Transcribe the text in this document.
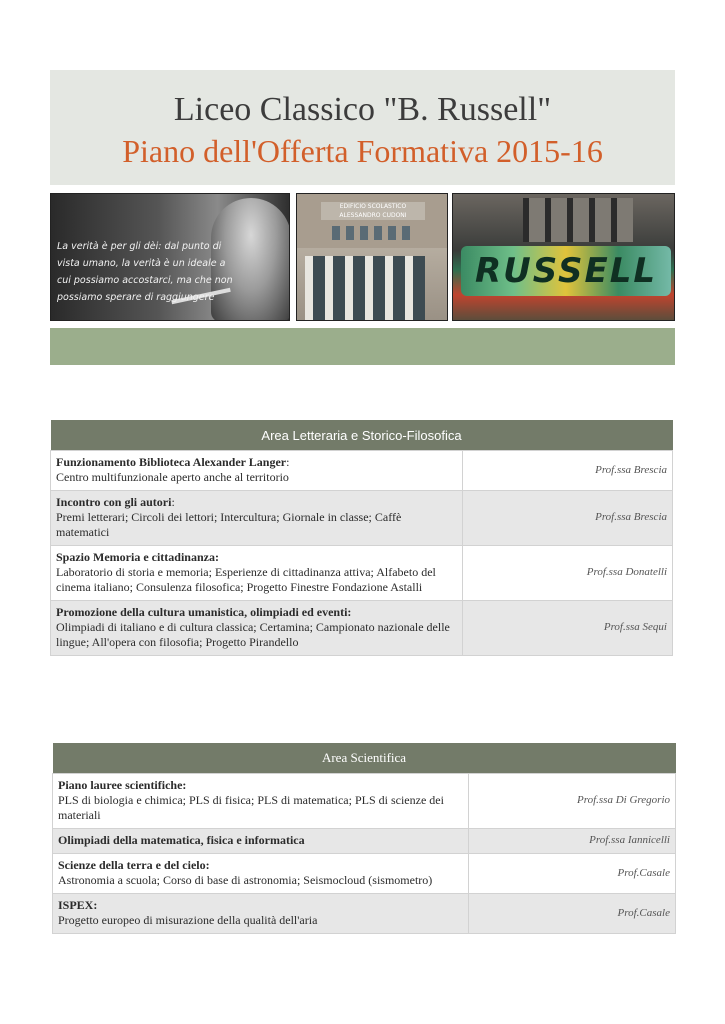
Liceo Classico "B. Russell"
Piano dell'Offerta Formativa 2015-16
La verità è per gli dèi: dal punto di vista umano, la verità è un ideale a cui possiamo accostarci, ma che non possiamo sperare di raggiungere
EDIFICIO SCOLASTICO
ALESSANDRO CUDONI
RUSSELL
Area Letteraria e Storico-Filosofica	
Funzionamento Biblioteca Alexander Langer:
Centro multifunzionale aperto anche al territorio	Prof.ssa Brescia
Incontro con gli autori:
Premi letterari; Circoli dei lettori; Intercultura; Giornale in classe; Caffè matematici	Prof.ssa Brescia
Spazio Memoria e cittadinanza:
Laboratorio di storia e memoria; Esperienze di cittadinanza attiva; Alfabeto del cinema italiano; Consulenza filosofica; Progetto Finestre Fondazione Astalli	Prof.ssa Donatelli
Promozione della cultura umanistica, olimpiadi ed eventi:
Olimpiadi di italiano e di cultura classica; Certamina; Campionato nazionale delle lingue; All'opera con filosofia; Progetto Pirandello	Prof.ssa Sequi
Area Scientifica	

Piano lauree scientifiche:
PLS di biologia e chimica; PLS di fisica; PLS di matematica; PLS di scienze dei materiali	Prof.ssa Di Gregorio

Olimpiadi della matematica, fisica e informatica	Prof.ssa Iannicelli

Scienze della terra e del cielo:
Astronomia a scuola; Corso di base di astronomia; Seismocloud (sismometro)	Prof.Casale

ISPEX:
Progetto europeo di misurazione della qualità dell'aria	Prof.Casale
